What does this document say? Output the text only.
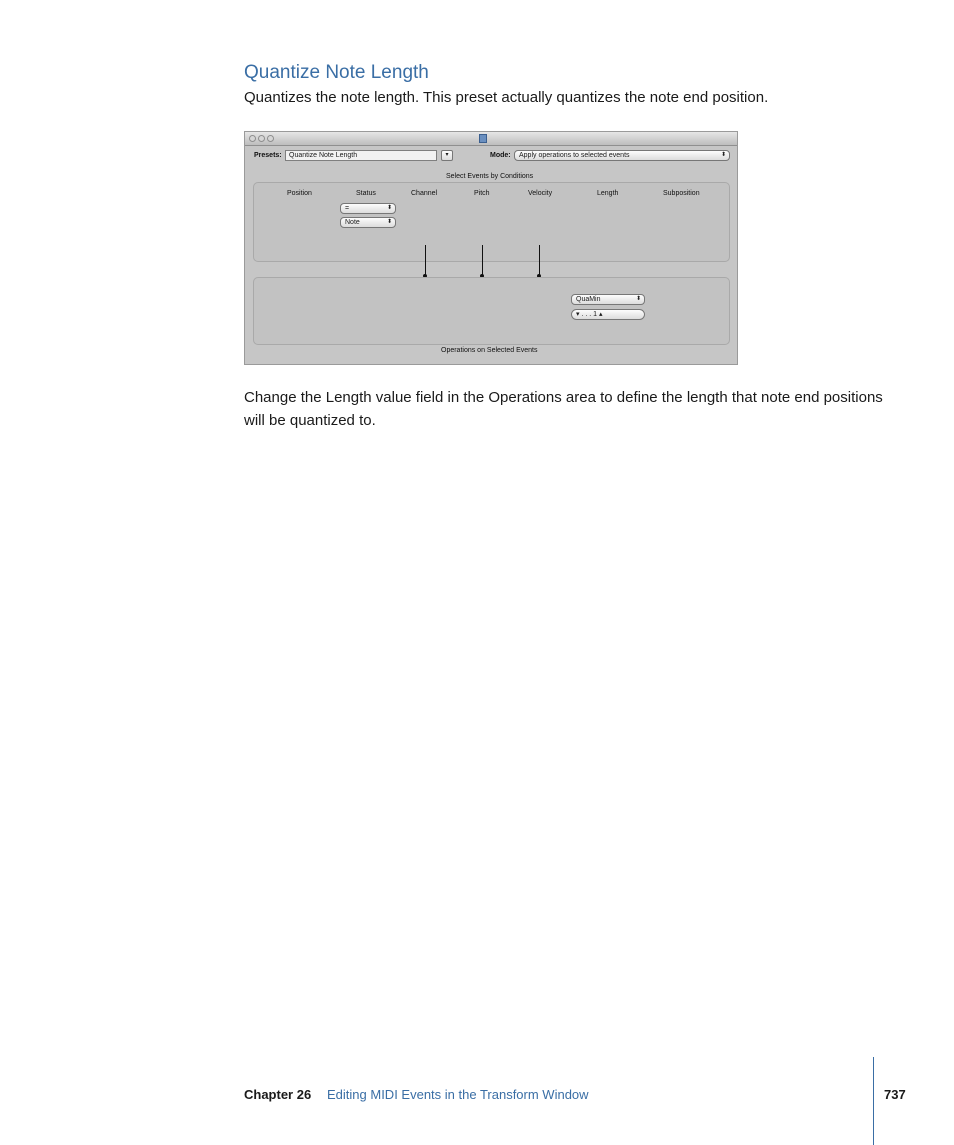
Quantize Note Length

Quantizes the note length. This preset actually quantizes the note end position.

Presets:	Quantize Note Length	▾	Mode:	Apply operations to selected events	⬍
Select Events by Conditions
Position	Status	Channel	Pitch	Velocity	Length	Subposition
=	⬍
Note	⬍
QuaMin	⬍
▾ . . . 1 ▴
Operations on Selected Events

Change the Length value field in the Operations area to define the length that note end positions will be quantized to.

Chapter 26 Editing MIDI Events in the Transform Window	737
